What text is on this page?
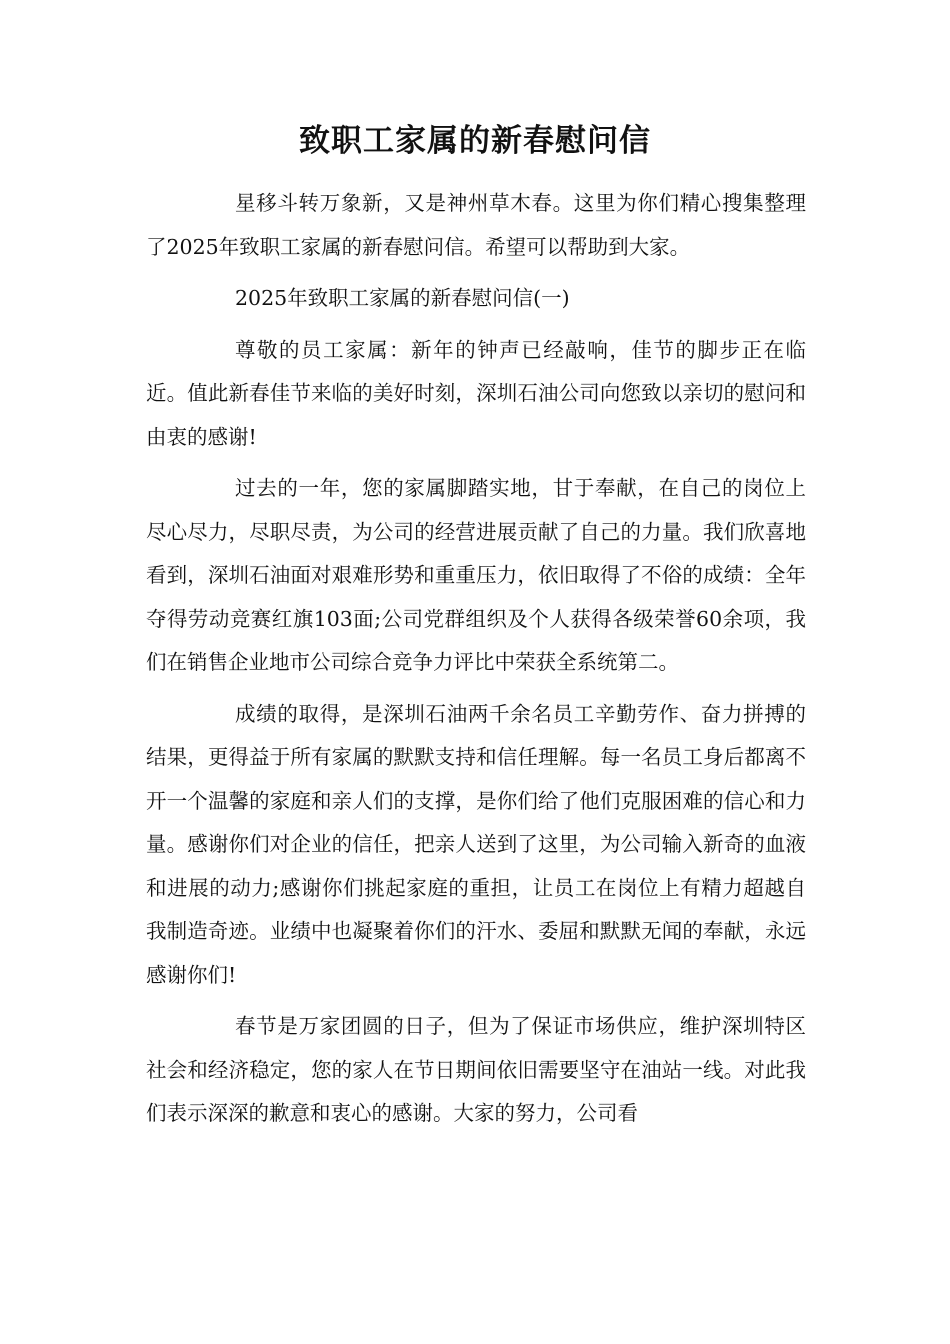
致职工家属的新春慰问信

星移斗转万象新，又是神州草木春。这里为你们精心搜集整理了2025年致职工家属的新春慰问信。希望可以帮助到大家。

2025年致职工家属的新春慰问信(一)

尊敬的员工家属：新年的钟声已经敲响，佳节的脚步正在临近。值此新春佳节来临的美好时刻，深圳石油公司向您致以亲切的慰问和由衷的感谢!

过去的一年，您的家属脚踏实地，甘于奉献，在自己的岗位上尽心尽力，尽职尽责，为公司的经营进展贡献了自己的力量。我们欣喜地看到，深圳石油面对艰难形势和重重压力，依旧取得了不俗的成绩：全年夺得劳动竞赛红旗103面;公司党群组织及个人获得各级荣誉60余项，我们在销售企业地市公司综合竞争力评比中荣获全系统第二。

成绩的取得，是深圳石油两千余名员工辛勤劳作、奋力拼搏的结果，更得益于所有家属的默默支持和信任理解。每一名员工身后都离不开一个温馨的家庭和亲人们的支撑，是你们给了他们克服困难的信心和力量。感谢你们对企业的信任，把亲人送到了这里，为公司输入新奇的血液和进展的动力;感谢你们挑起家庭的重担，让员工在岗位上有精力超越自我制造奇迹。业绩中也凝聚着你们的汗水、委屈和默默无闻的奉献，永远感谢你们!

春节是万家团圆的日子，但为了保证市场供应，维护深圳特区社会和经济稳定，您的家人在节日期间依旧需要坚守在油站一线。对此我们表示深深的歉意和衷心的感谢。大家的努力，公司看
